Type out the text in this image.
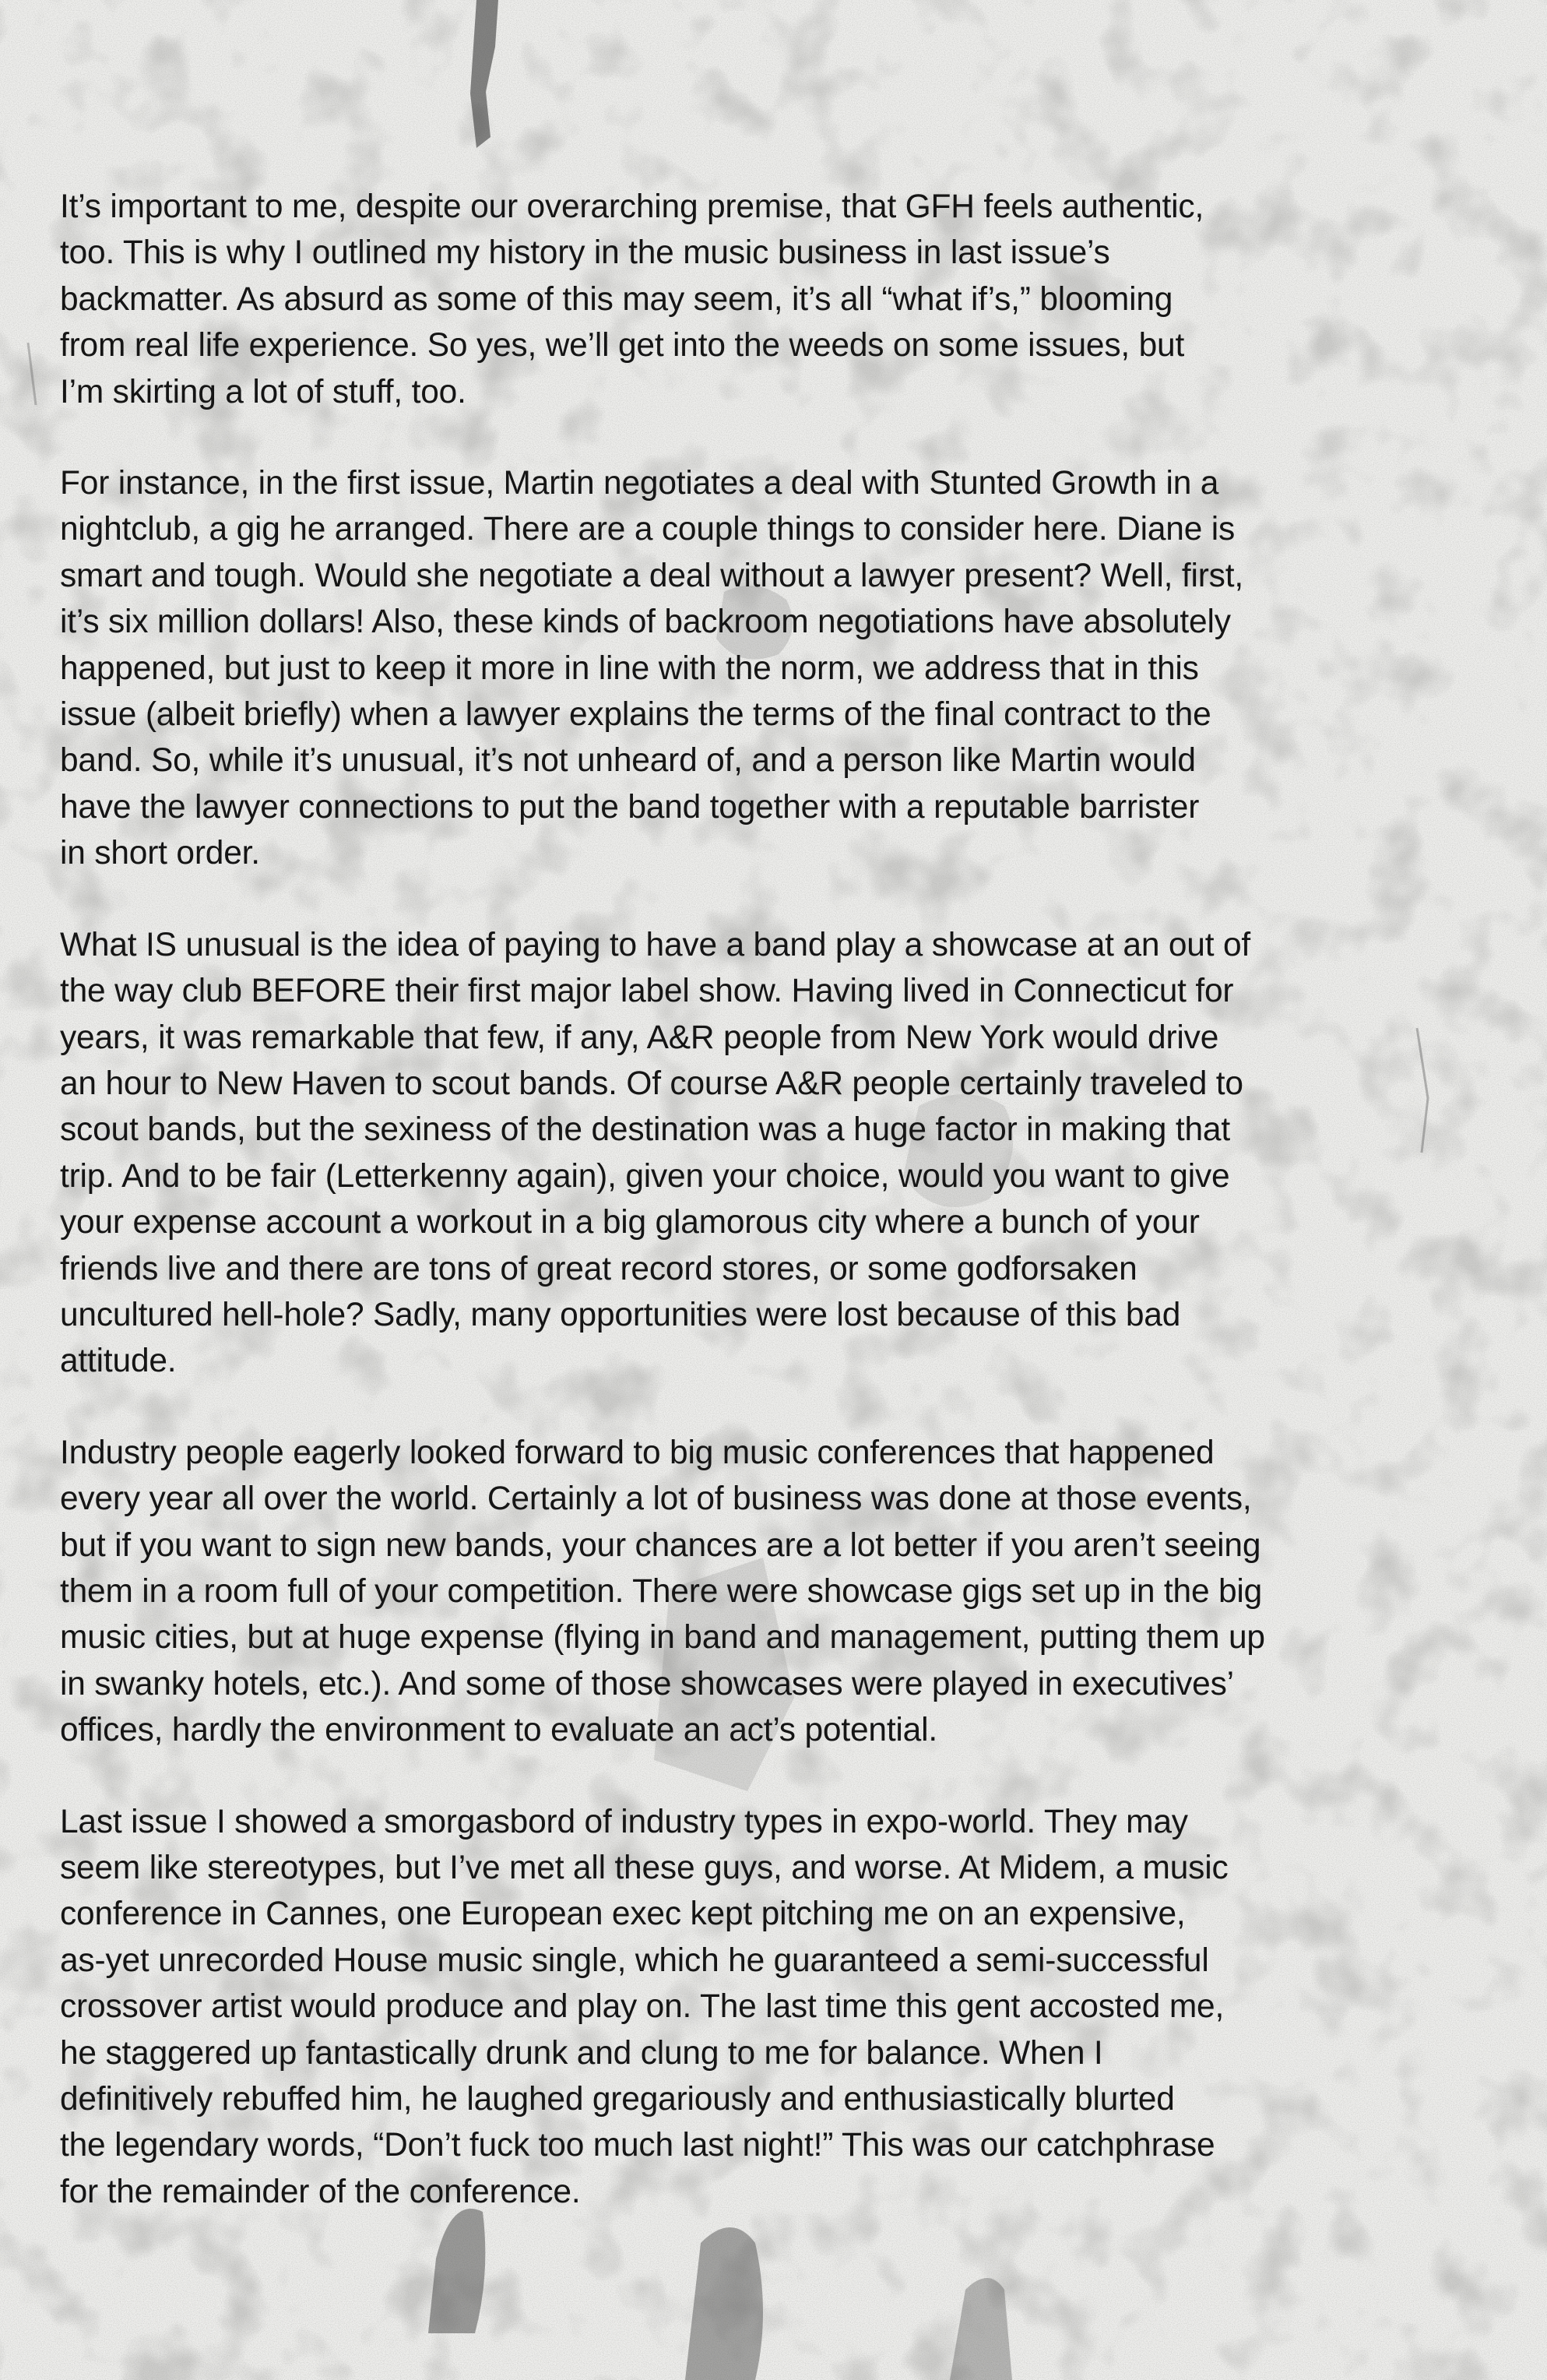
It’s important to me, despite our overarching premise, that GFH feels authentic,
too. This is why I outlined my history in the music business in last issue’s
backmatter. As absurd as some of this may seem, it’s all “what if’s,” blooming
from real life experience. So yes, we’ll get into the weeds on some issues, but
I’m skirting a lot of stuff, too.

For instance, in the first issue, Martin negotiates a deal with Stunted Growth in a
nightclub, a gig he arranged. There are a couple things to consider here. Diane is
smart and tough. Would she negotiate a deal without a lawyer present? Well, first,
it’s six million dollars! Also, these kinds of backroom negotiations have absolutely
happened, but just to keep it more in line with the norm, we address that in this
issue (albeit briefly) when a lawyer explains the terms of the final contract to the
band. So, while it’s unusual, it’s not unheard of, and a person like Martin would
have the lawyer connections to put the band together with a reputable barrister
in short order.

What IS unusual is the idea of paying to have a band play a showcase at an out of
the way club BEFORE their first major label show. Having lived in Connecticut for
years, it was remarkable that few, if any, A&R people from New York would drive
an hour to New Haven to scout bands. Of course A&R people certainly traveled to
scout bands, but the sexiness of the destination was a huge factor in making that
trip. And to be fair (Letterkenny again), given your choice, would you want to give
your expense account a workout in a big glamorous city where a bunch of your
friends live and there are tons of great record stores, or some godforsaken
uncultured hell-hole? Sadly, many opportunities were lost because of this bad
attitude.

Industry people eagerly looked forward to big music conferences that happened
every year all over the world. Certainly a lot of business was done at those events,
but if you want to sign new bands, your chances are a lot better if you aren’t seeing
them in a room full of your competition. There were showcase gigs set up in the big
music cities, but at huge expense (flying in band and management, putting them up
in swanky hotels, etc.). And some of those showcases were played in executives’
offices, hardly the environment to evaluate an act’s potential.

Last issue I showed a smorgasbord of industry types in expo-world. They may
seem like stereotypes, but I’ve met all these guys, and worse. At Midem, a music
conference in Cannes, one European exec kept pitching me on an expensive,
as-yet unrecorded House music single, which he guaranteed a semi-successful
crossover artist would produce and play on. The last time this gent accosted me,
he staggered up fantastically drunk and clung to me for balance. When I
definitively rebuffed him, he laughed gregariously and enthusiastically blurted
the legendary words, “Don’t fuck too much last night!” This was our catchphrase
for the remainder of the conference.
